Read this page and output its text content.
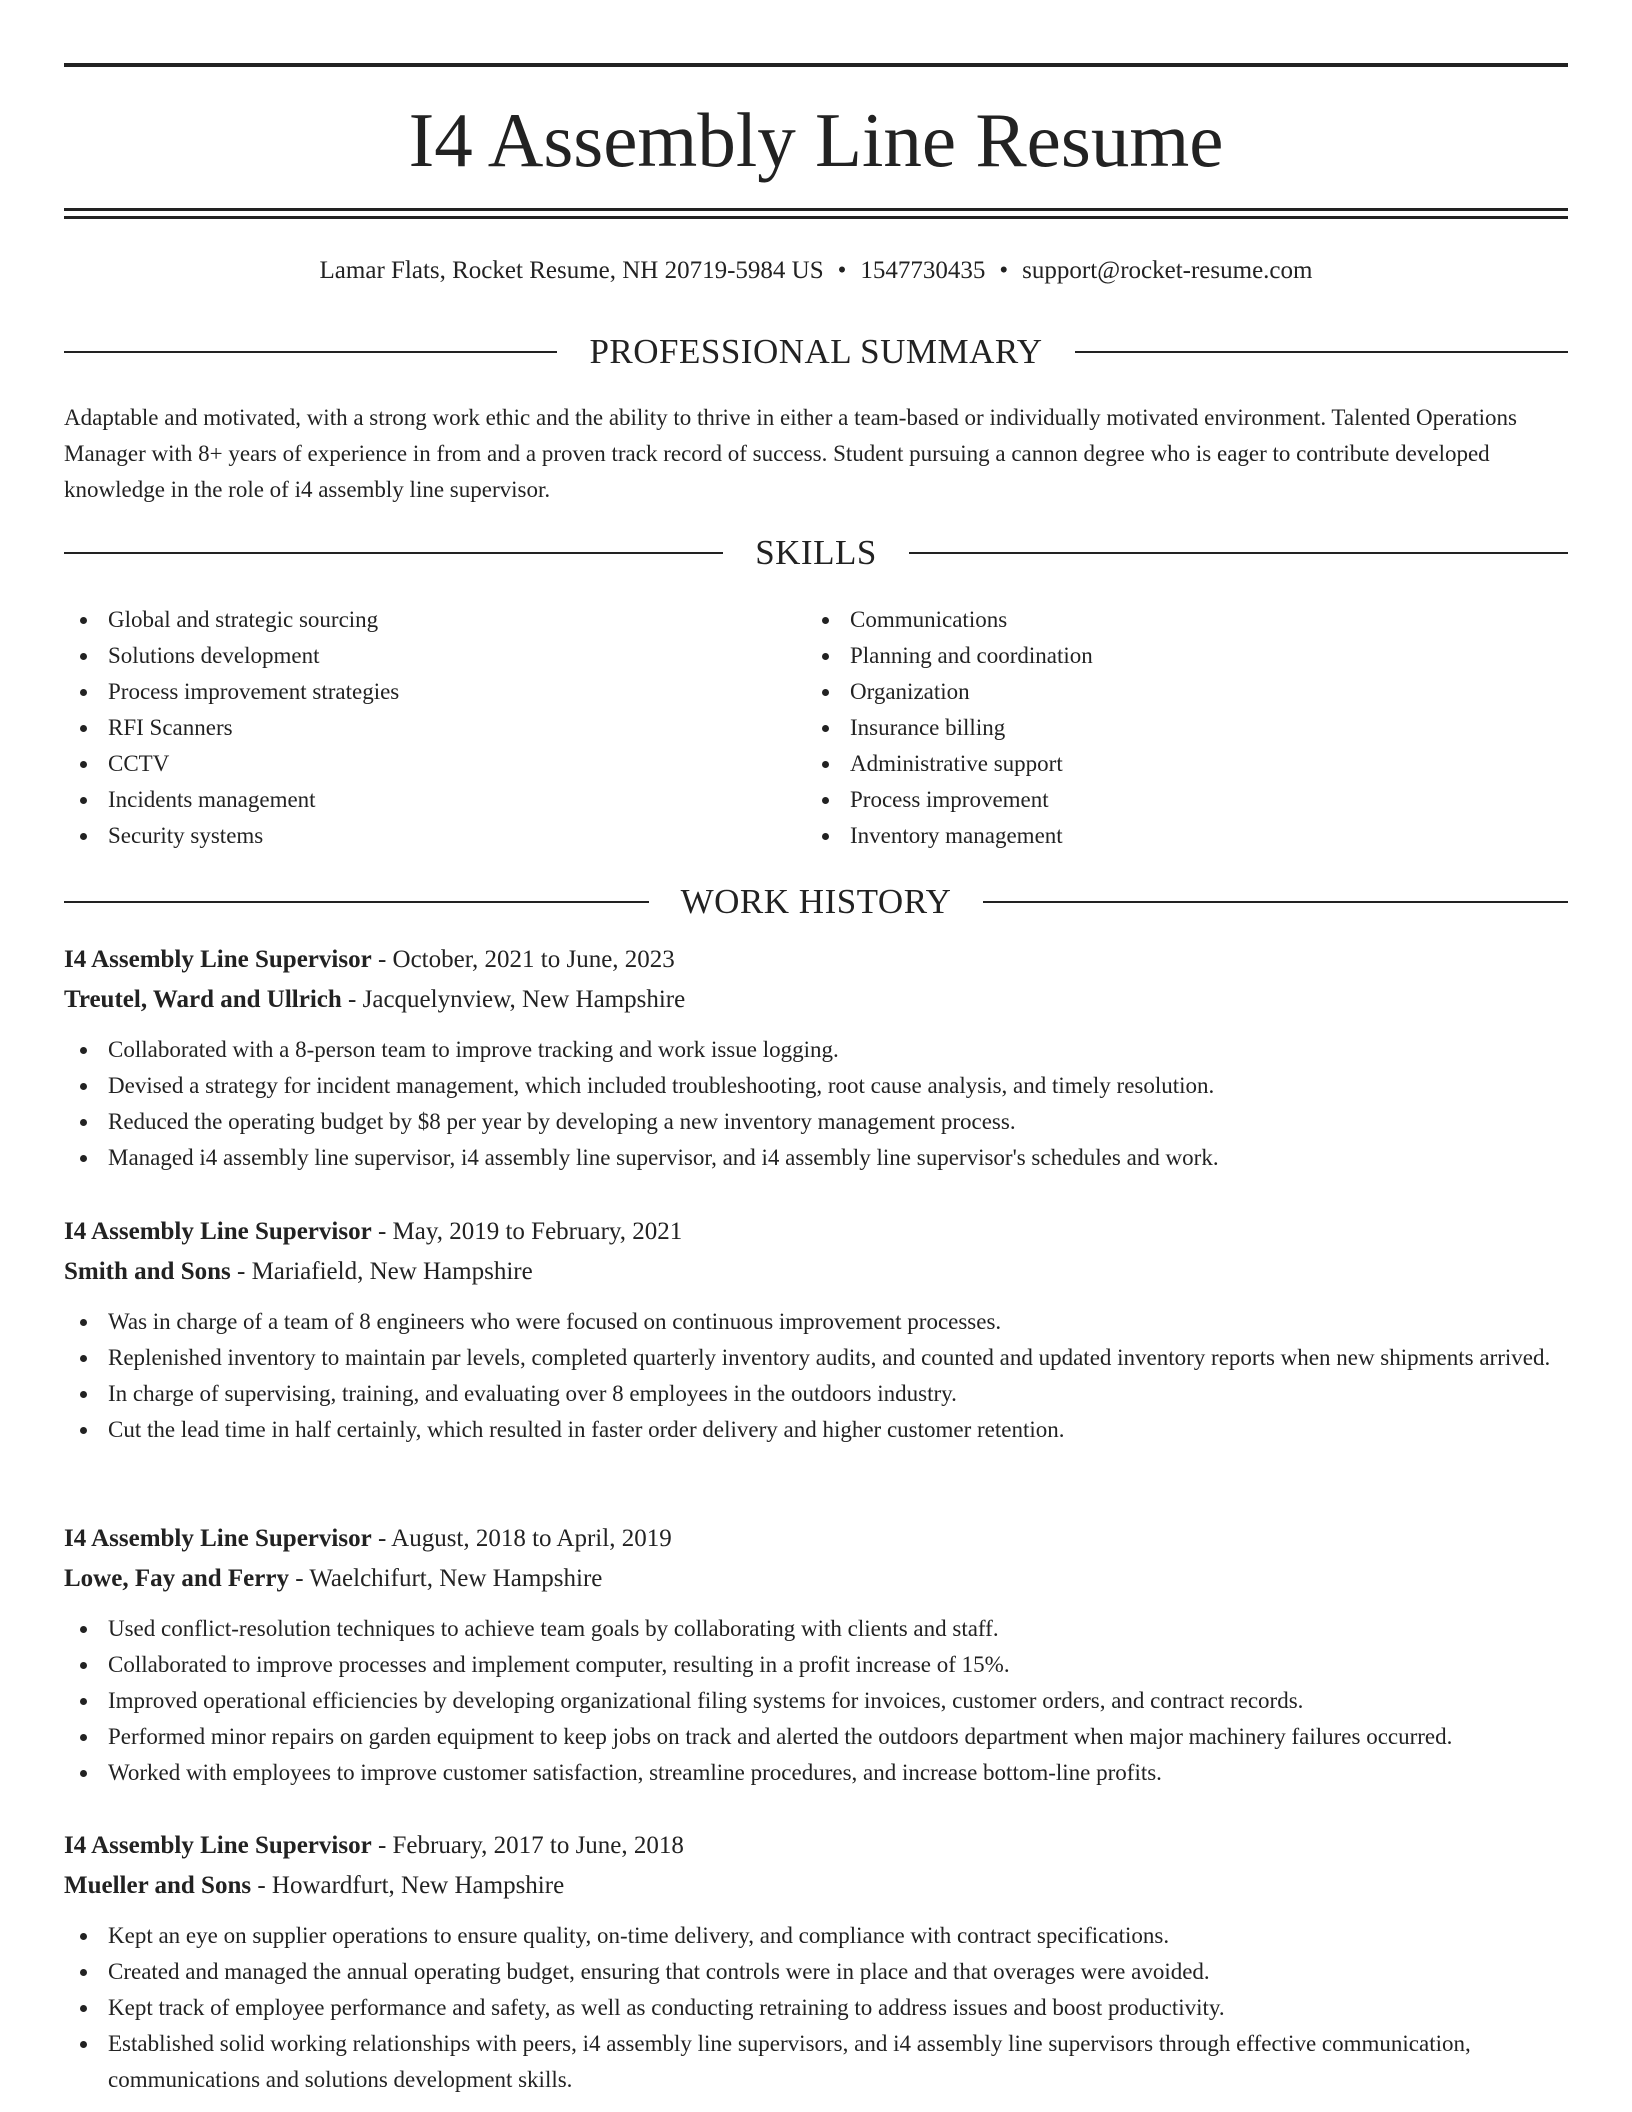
I4 Assembly Line Resume
Lamar Flats, Rocket Resume, NH 20719-5984 US • 1547730435 • support@rocket-resume.com
PROFESSIONAL SUMMARY

Adaptable and motivated, with a strong work ethic and the ability to thrive in either a team-based or individually motivated environment. Talented Operations Manager with 8+ years of experience in from and a proven track record of success. Student pursuing a cannon degree who is eager to contribute developed knowledge in the role of i4 assembly line supervisor.

SKILLS
Global and strategic sourcing
Solutions development
Process improvement strategies
RFI Scanners
CCTV
Incidents management
Security systems
Communications
Planning and coordination
Organization
Insurance billing
Administrative support
Process improvement
Inventory management
WORK HISTORY
I4 Assembly Line Supervisor - October, 2021 to June, 2023
Treutel, Ward and Ullrich - Jacquelynview, New Hampshire
Collaborated with a 8-person team to improve tracking and work issue logging.
Devised a strategy for incident management, which included troubleshooting, root cause analysis, and timely resolution.
Reduced the operating budget by $8 per year by developing a new inventory management process.
Managed i4 assembly line supervisor, i4 assembly line supervisor, and i4 assembly line supervisor's schedules and work.
I4 Assembly Line Supervisor - May, 2019 to February, 2021
Smith and Sons - Mariafield, New Hampshire
Was in charge of a team of 8 engineers who were focused on continuous improvement processes.
Replenished inventory to maintain par levels, completed quarterly inventory audits, and counted and updated inventory reports when new shipments arrived.
In charge of supervising, training, and evaluating over 8 employees in the outdoors industry.
Cut the lead time in half certainly, which resulted in faster order delivery and higher customer retention.
I4 Assembly Line Supervisor - August, 2018 to April, 2019
Lowe, Fay and Ferry - Waelchifurt, New Hampshire
Used conflict-resolution techniques to achieve team goals by collaborating with clients and staff.
Collaborated to improve processes and implement computer, resulting in a profit increase of 15%.
Improved operational efficiencies by developing organizational filing systems for invoices, customer orders, and contract records.
Performed minor repairs on garden equipment to keep jobs on track and alerted the outdoors department when major machinery failures occurred.
Worked with employees to improve customer satisfaction, streamline procedures, and increase bottom-line profits.
I4 Assembly Line Supervisor - February, 2017 to June, 2018
Mueller and Sons - Howardfurt, New Hampshire
Kept an eye on supplier operations to ensure quality, on-time delivery, and compliance with contract specifications.
Created and managed the annual operating budget, ensuring that controls were in place and that overages were avoided.
Kept track of employee performance and safety, as well as conducting retraining to address issues and boost productivity.
Established solid working relationships with peers, i4 assembly line supervisors, and i4 assembly line supervisors through effective communication, communications and solutions development skills.
